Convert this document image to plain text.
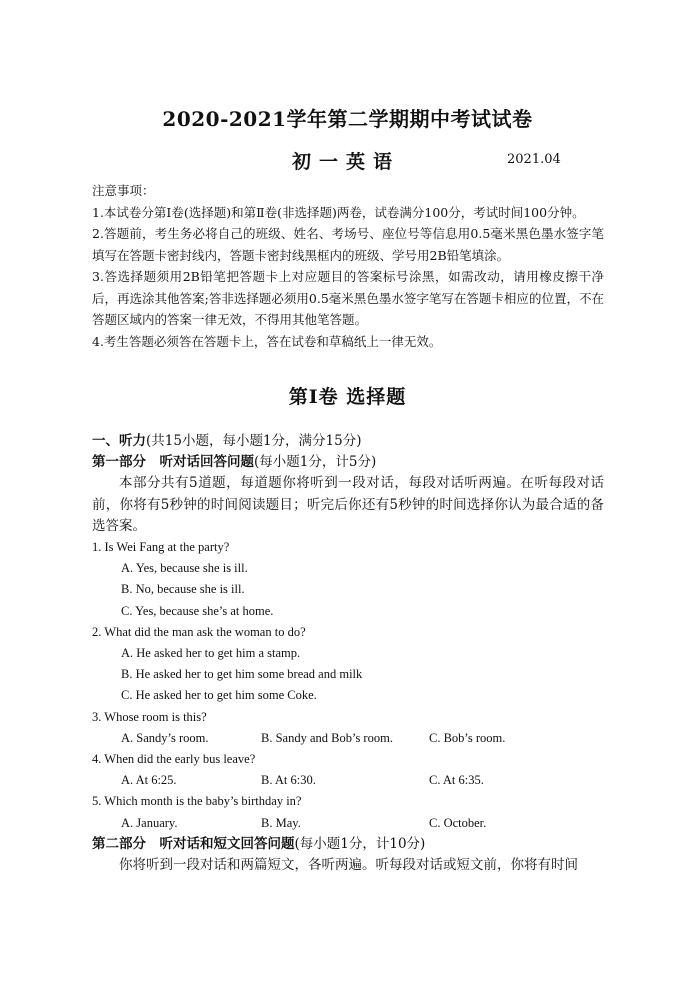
2020-2021学年第二学期期中考试试卷
初一英语	2021.04

注意事项：

1.本试卷分第Ⅰ卷(选择题)和第Ⅱ卷(非选择题)两卷，试卷满分100分，考试时间100分钟。

2.答题前，考生务必将自己的班级、姓名、考场号、座位号等信息用0.5毫米黑色墨水签字笔填写在答题卡密封线内，答题卡密封线黑框内的班级、学号用2B铅笔填涂。

3.答选择题须用2B铅笔把答题卡上对应题目的答案标号涂黑，如需改动，请用橡皮擦干净后，再选涂其他答案;答非选择题必须用0.5毫米黑色墨水签字笔写在答题卡相应的位置，不在答题区域内的答案一律无效，不得用其他笔答题。

4.考生答题必须答在答题卡上，答在试卷和草稿纸上一律无效。

第Ⅰ卷 选择题

一、听力(共15小题，每小题1分，满分15分)

第一部分　听对话回答问题(每小题1分，计5分)

本部分共有5道题，每道题你将听到一段对话，每段对话听两遍。在听每段对话前，你将有5秒钟的时间阅读题目；听完后你还有5秒钟的时间选择你认为最合适的备选答案。

1. Is Wei Fang at the party?

A. Yes, because she is ill.

B. No, because she is ill.

C. Yes, because she’s at home.

2. What did the man ask the woman to do?

A. He asked her to get him a stamp.

B. He asked her to get him some bread and milk

C. He asked her to get him some Coke.

3. Whose room is this?

A. Sandy’s room.	B. Sandy and Bob’s room.	C. Bob’s room.

4. When did the early bus leave?

A. At 6:25.	B. At 6:30.	C. At 6:35.

5. Which month is the baby’s birthday in?

A. January.	B. May.	C. October.

第二部分　听对话和短文回答问题(每小题1分，计10分)

你将听到一段对话和两篇短文，各听两遍。听每段对话或短文前，你将有时间
